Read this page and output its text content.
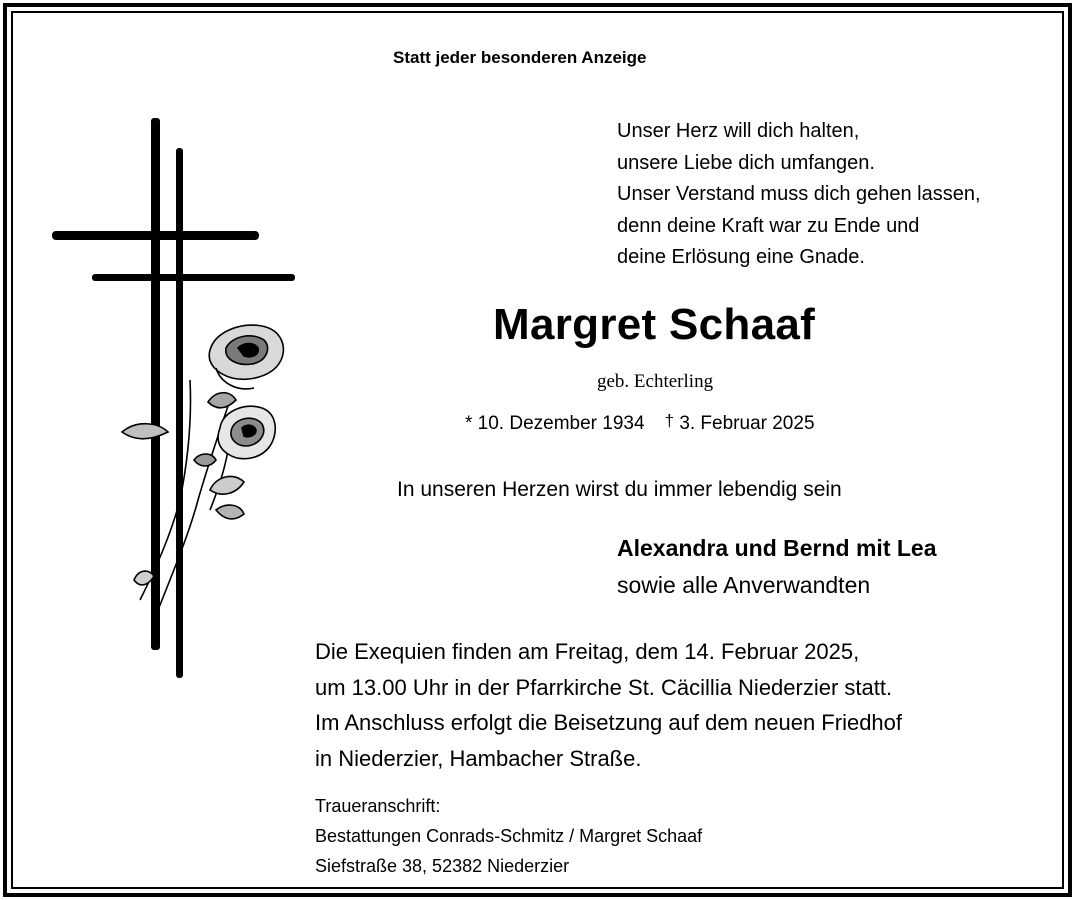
Statt jeder besonderen Anzeige
Unser Herz will dich halten,
unsere Liebe dich umfangen.
Unser Verstand muss dich gehen lassen,
denn deine Kraft war zu Ende und
deine Erlösung eine Gnade.
Margret Schaaf
geb. Echterling
* 10. Dezember 1934 † 3. Februar 2025
In unseren Herzen wirst du immer lebendig sein
Alexandra und Bernd mit Lea
sowie alle Anverwandten
Die Exequien finden am Freitag, dem 14. Februar 2025,
um 13.00 Uhr in der Pfarrkirche St. Cäcillia Niederzier statt.
Im Anschluss erfolgt die Beisetzung auf dem neuen Friedhof
in Niederzier, Hambacher Straße.
Traueranschrift:
Bestattungen Conrads-Schmitz / Margret Schaaf
Siefstraße 38, 52382 Niederzier
